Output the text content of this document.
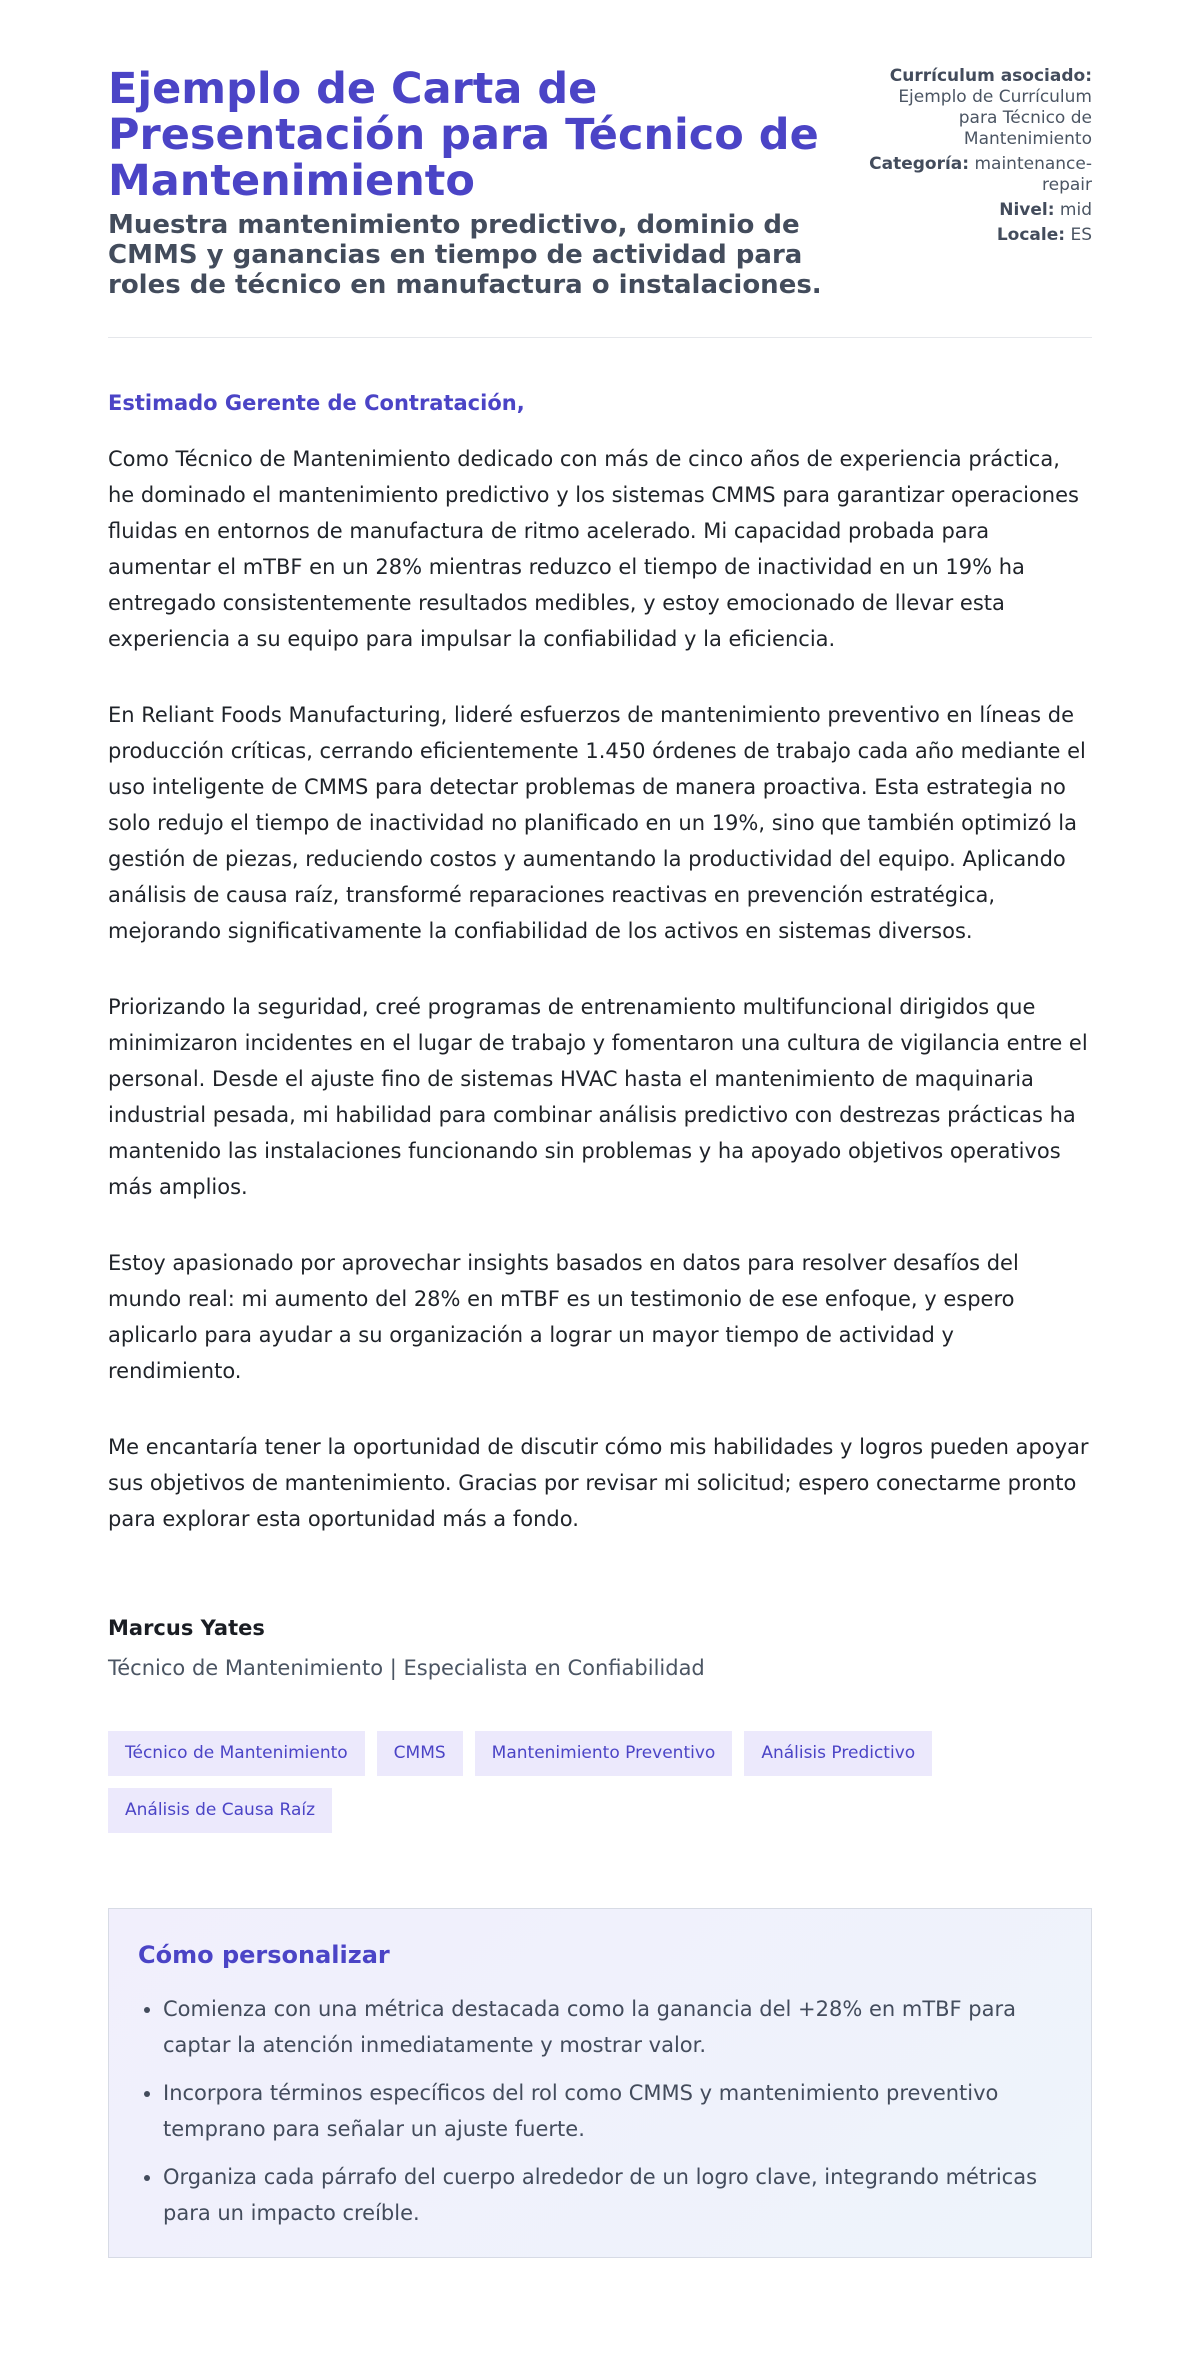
Ejemplo de Carta de Presentación para Técnico de Mantenimiento
Muestra mantenimiento predictivo, dominio de CMMS y ganancias en tiempo de actividad para roles de técnico en manufactura o instalaciones.
Currículum asociado:
Ejemplo de Currículum para Técnico de Mantenimiento
Categoría: maintenance-repair
Nivel: mid
Locale: ES
Estimado Gerente de Contratación,

Como Técnico de Mantenimiento dedicado con más de cinco años de experiencia práctica, he dominado el mantenimiento predictivo y los sistemas CMMS para garantizar operaciones fluidas en entornos de manufactura de ritmo acelerado. Mi capacidad probada para aumentar el mTBF en un 28% mientras reduzco el tiempo de inactividad en un 19% ha entregado consistentemente resultados medibles, y estoy emocionado de llevar esta experiencia a su equipo para impulsar la confiabilidad y la eficiencia.

En Reliant Foods Manufacturing, lideré esfuerzos de mantenimiento preventivo en líneas de producción críticas, cerrando eficientemente 1.450 órdenes de trabajo cada año mediante el uso inteligente de CMMS para detectar problemas de manera proactiva. Esta estrategia no solo redujo el tiempo de inactividad no planificado en un 19%, sino que también optimizó la gestión de piezas, reduciendo costos y aumentando la productividad del equipo. Aplicando análisis de causa raíz, transformé reparaciones reactivas en prevención estratégica, mejorando significativamente la confiabilidad de los activos en sistemas diversos.

Priorizando la seguridad, creé programas de entrenamiento multifuncional dirigidos que minimizaron incidentes en el lugar de trabajo y fomentaron una cultura de vigilancia entre el personal. Desde el ajuste fino de sistemas HVAC hasta el mantenimiento de maquinaria industrial pesada, mi habilidad para combinar análisis predictivo con destrezas prácticas ha mantenido las instalaciones funcionando sin problemas y ha apoyado objetivos operativos más amplios.

Estoy apasionado por aprovechar insights basados en datos para resolver desafíos del mundo real: mi aumento del 28% en mTBF es un testimonio de ese enfoque, y espero aplicarlo para ayudar a su organización a lograr un mayor tiempo de actividad y rendimiento.

Me encantaría tener la oportunidad de discutir cómo mis habilidades y logros pueden apoyar sus objetivos de mantenimiento. Gracias por revisar mi solicitud; espero conectarme pronto para explorar esta oportunidad más a fondo.

Marcus Yates
Técnico de Mantenimiento | Especialista en Confiabilidad
Técnico de Mantenimiento	CMMS	Mantenimiento Preventivo	Análisis Predictivo
Análisis de Causa Raíz
Cómo personalizar
• Comienza con una métrica destacada como la ganancia del +28% en mTBF para captar la atención inmediatamente y mostrar valor.
• Incorpora términos específicos del rol como CMMS y mantenimiento preventivo temprano para señalar un ajuste fuerte.
• Organiza cada párrafo del cuerpo alrededor de un logro clave, integrando métricas para un impacto creíble.
